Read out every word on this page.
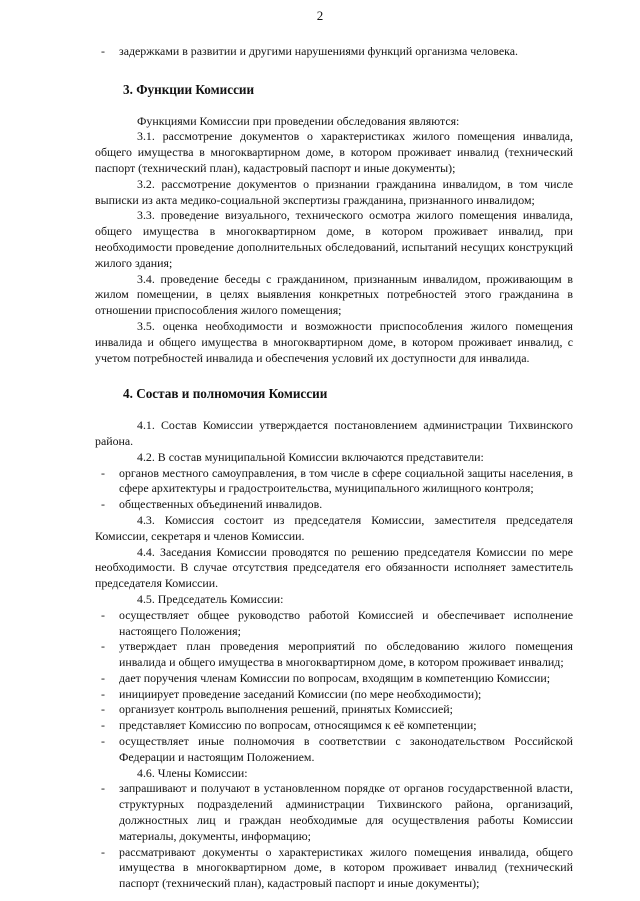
2
- задержками в развитии и другими нарушениями функций организма человека.
3. Функции Комиссии

Функциями Комиссии при проведении обследования являются:

3.1. рассмотрение документов о характеристиках жилого помещения инвалида, общего имущества в многоквартирном доме, в котором проживает инвалид (технический паспорт (технический план), кадастровый паспорт и иные документы);

3.2. рассмотрение документов о признании гражданина инвалидом, в том числе выписки из акта медико-социальной экспертизы гражданина, признанного инвалидом;

3.3. проведение визуального, технического осмотра жилого помещения инвалида, общего имущества в многоквартирном доме, в котором проживает инвалид, при необходимости проведение дополнительных обследований, испытаний несущих конструкций жилого здания;

3.4. проведение беседы с гражданином, признанным инвалидом, проживающим в жилом помещении, в целях выявления конкретных потребностей этого гражданина в отношении приспособления жилого помещения;

3.5. оценка необходимости и возможности приспособления жилого помещения инвалида и общего имущества в многоквартирном доме, в котором проживает инвалид, с учетом потребностей инвалида и обеспечения условий их доступности для инвалида.

4. Состав и полномочия Комиссии

4.1. Состав Комиссии утверждается постановлением администрации Тихвинского района.

4.2. В состав муниципальной Комиссии включаются представители:

- органов местного самоуправления, в том числе в сфере социальной защиты населения, в сфере архитектуры и градостроительства, муниципального жилищного контроля;
- общественных объединений инвалидов.

4.3. Комиссия состоит из председателя Комиссии, заместителя председателя Комиссии, секретаря и членов Комиссии.

4.4. Заседания Комиссии проводятся по решению председателя Комиссии по мере необходимости. В случае отсутствия председателя его обязанности исполняет заместитель председателя Комиссии.

4.5. Председатель Комиссии:

- осуществляет общее руководство работой Комиссией и обеспечивает исполнение настоящего Положения;
- утверждает план проведения мероприятий по обследованию жилого помещения инвалида и общего имущества в многоквартирном доме, в котором проживает инвалид;
- дает поручения членам Комиссии по вопросам, входящим в компетенцию Комиссии;
- инициирует проведение заседаний Комиссии (по мере необходимости);
- организует контроль выполнения решений, принятых Комиссией;
- представляет Комиссию по вопросам, относящимся к её компетенции;
- осуществляет иные полномочия в соответствии с законодательством Российской Федерации и настоящим Положением.

4.6. Члены Комиссии:

- запрашивают и получают в установленном порядке от органов государственной власти, структурных подразделений администрации Тихвинского района, организаций, должностных лиц и граждан необходимые для осуществления работы Комиссии материалы, документы, информацию;
- рассматривают документы о характеристиках жилого помещения инвалида, общего имущества в многоквартирном доме, в котором проживает инвалид (технический паспорт (технический план), кадастровый паспорт и иные документы);
